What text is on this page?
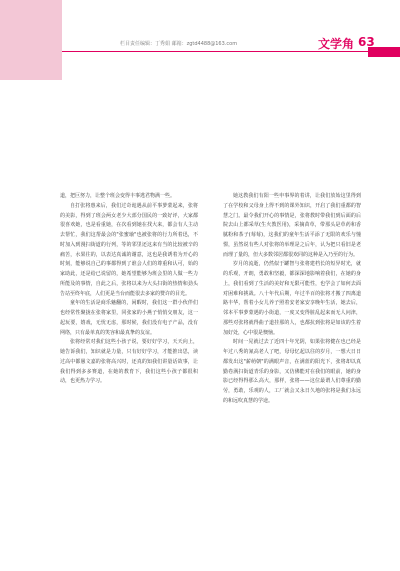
栏目责任编辑：丁秀娟 邮箱：zgtd4488@163.com	文学角 63

道，把巨努力，让整个班会变得丰事逃君物满一些。

自打张将惠来后，我们过奇诡遇从前平事萝蒙起来，张将的美影，得到了班会两女老少大部分国民的一致好评，大家都很喜欢她，也是看重她，在次看到她在找大来，都会有人主动去帮忙，我们这帮最会的"张蜜瑜"也被张将的行力所着迅，不时加入到漫扫街道的行列，等的邻里还这来有当的比较被辛的痛苦，水果往的，以表达真诚的谢意，这也是我诱着为开心的时刻，能够说自己的事都得到了谁会人们的尊重和认可，始的家助此，还是给已说留的，她希望能够为班会里的人做一些力所能及的事情，自此之后，张将以来为大头扫街的热情和劲头告站至终年底，人们更是当台而能很去多家的赞许的目光。

童年的生活是商乐魅翻的，闲暇时，我们这一群小伙伴们也经常性聚拢在张将家里，同张家的小燕子悄悄交朋友，这一起玩要，嬉戏，无忧无虑，那时候，我们没有电子产品，没有网络，只有最单真的笑容和最真挚的友谊。

张将经常对我们这些小孩子说，要好好学习，天天向上，她告诉我们，知识就是力量，只有好好学习，才能推出思，读过高中都愚文嘉的张将高兴时，还真的知我们讲量话故事，让我们得到多多赛道，在她的教育下，我们这些小孩子都很积动，也更热力学习。

她这教我们有阳一些申事界的着讲，让我们放始这里得到了在学校和父母身上得不到的课外知识，开启了我们重都的智慧之门。最令我们开心的事情是，张将教时带我们到后面的后院去山上都采草(生火教医用)，采摘苗草，带那头是草药和香腻粉和茶子(莓莓)，这我们的童年生活平添了无限的欢乐与憧憬，虽然说有些人对张将的举理是之后年，认为把只看旧是老而理了量的，但大多数邻居都很欢同的这种是入乃至的行为。

岁月的流逝，仍然似于罐智与张将建档长的短异时光，就的乐观，开朗，勇敢和坚毅，都深深地影响着我们，在她的身上，我们看到了生活的美好和无限可能性，也学会了如何去面对困难和挑战。八十年代后期，年过半百的张将才搬了四离道路丰华，帮着小女儿养子照着安老家安享晚年生活，她去后，邻本平事萝蒙遇的小街道，一度又变得脏乱起来而无人问津，那些对张将就得曲子道挂那的人，也都抗到张将是如该的生着加好处，心中很是懊恼。

时间一晃就过去了近四十年光阴，如果张将健在也已经是年过八秀的氰高老人了吧，母母忆起以往的岁月，一想大日日都发出这"薪萌朝"的满眼声音，在满蓝的阳光下，张将却以真勤卷满扫街道青乐的身影，又仿佛能对在我们的眼前，她的身影已经得得那么高大，那样，张将——这位最谓人们尊重的勤劳，勇敢，乐观的人，工厂就会又永日久地的张将是我们永远的和远吹真慧的学途。
